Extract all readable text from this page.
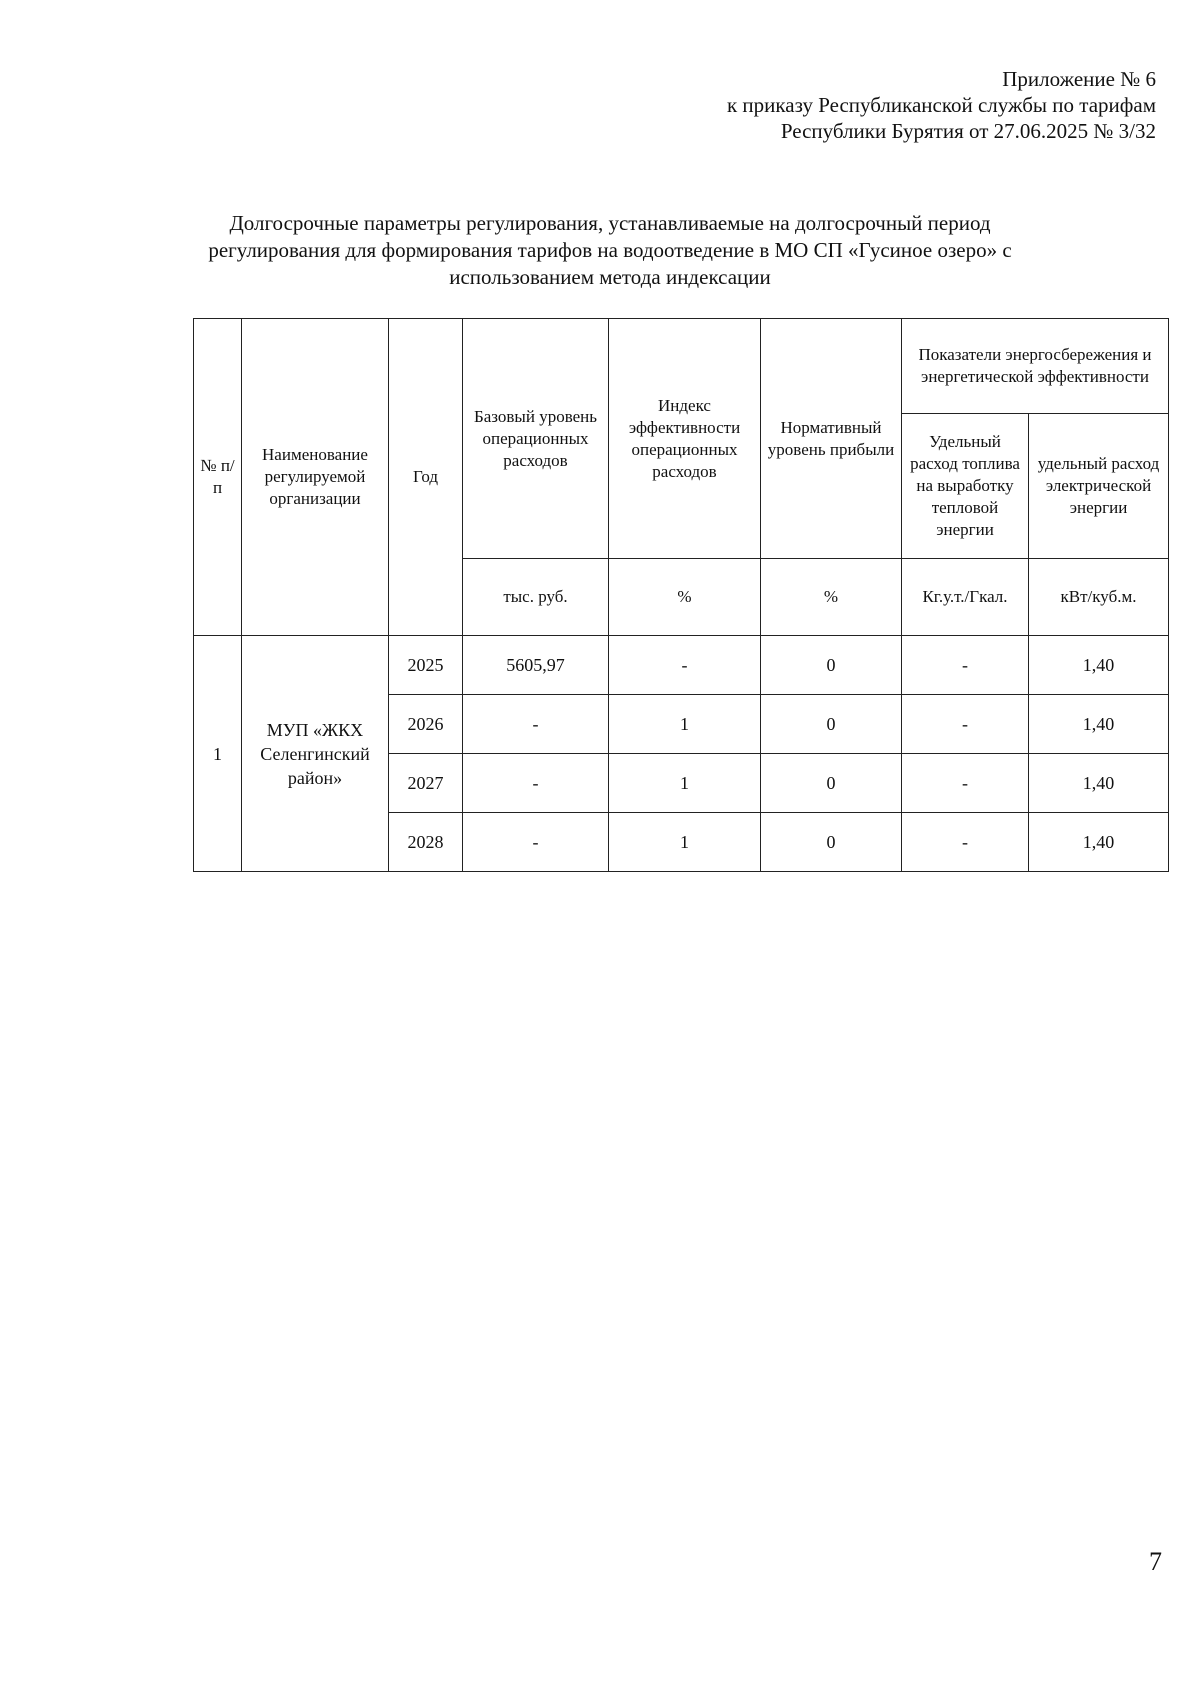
Приложение № 6
к приказу Республиканской службы по тарифам
Республики Бурятия от 27.06.2025 № 3/32
Долгосрочные параметры регулирования, устанавливаемые на долгосрочный период
регулирования для формирования тарифов на водоотведение в МО СП «Гусиное озеро» с
использованием метода индексации
№ п/п	Наименование регулируемой организации	Год	Базовый уровень операционных расходов	Индекс эффективности операционных расходов	Нормативный уровень прибыли	Показатели энергосбережения и энергетической эффективности	
						Удельный расход топлива на выработку тепловой энергии	удельный расход электрической энергии
			тыс. руб.	%	%	Кг.у.т./Гкал.	кВт/куб.м.
1	МУП «ЖКХ Селенгинский район»	2025	5605,97	-	0	-	1,40
		2026	-	1	0	-	1,40
		2027	-	1	0	-	1,40
		2028	-	1	0	-	1,40
7
